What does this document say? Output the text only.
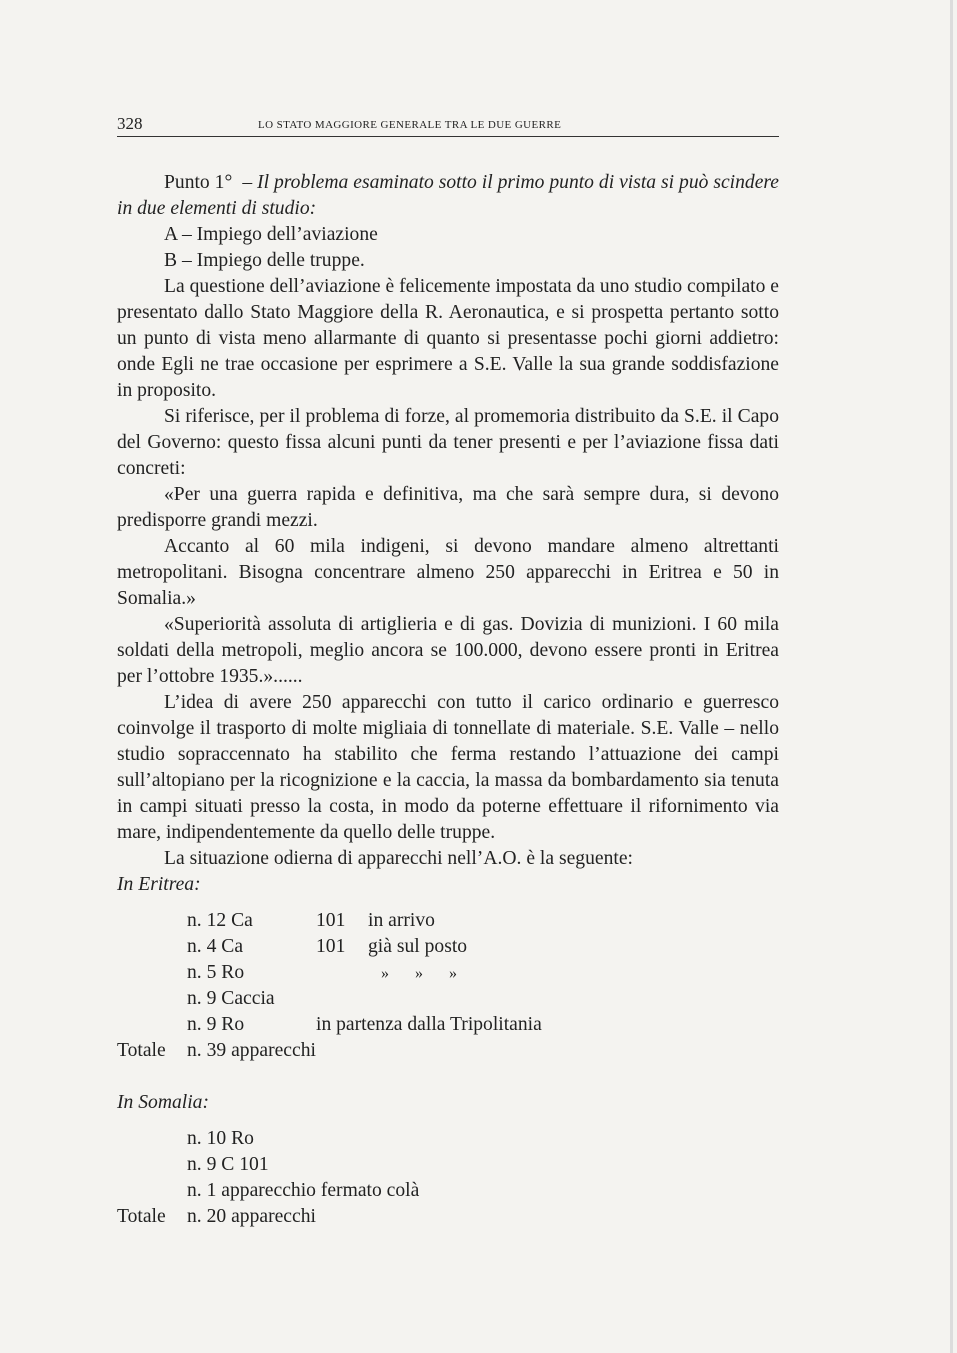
328	LO STATO MAGGIORE GENERALE TRA LE DUE GUERRE

Punto 1° – Il problema esaminato sotto il primo punto di vista si può scindere in due elementi di studio:

A – Impiego dell’aviazione

B – Impiego delle truppe.

La questione dell’aviazione è felicemente impostata da uno studio compilato e presentato dallo Stato Maggiore della R. Aeronautica, e si prospetta pertanto sotto un punto di vista meno allarmante di quanto si presentasse pochi giorni addietro: onde Egli ne trae occasione per esprimere a S.E. Valle la sua grande soddisfazione in proposito.

Si riferisce, per il problema di forze, al promemoria distribuito da S.E. il Capo del Governo: questo fissa alcuni punti da tener presenti e per l’aviazione fissa dati concreti:

«Per una guerra rapida e definitiva, ma che sarà sempre dura, si devono predisporre grandi mezzi.

Accanto al 60 mila indigeni, si devono mandare almeno altrettanti metropolitani. Bisogna concentrare almeno 250 apparecchi in Eritrea e 50 in Somalia.»

«Superiorità assoluta di artiglieria e di gas. Dovizia di munizioni. I 60 mila soldati della metropoli, meglio ancora se 100.000, devono essere pronti in Eritrea per l’ottobre 1935.»......

L’idea di avere 250 apparecchi con tutto il carico ordinario e guerresco coinvolge il trasporto di molte migliaia di tonnellate di materiale. S.E. Valle – nello studio sopraccennato ha stabilito che ferma restando l’attuazione dei campi sull’altopiano per la ricognizione e la caccia, la massa da bombardamento sia tenuta in campi situati presso la costa, in modo da poterne effettuare il rifornimento via mare, indipendentemente da quello delle truppe.

La situazione odierna di apparecchi nell’A.O. è la seguente:

In Eritrea:

n. 12 Ca	101	in arrivo
n. 4 Ca	101	già sul posto
n. 5 Ro	» » »
n. 9 Caccia
n. 9 Ro	in partenza dalla Tripolitania
Totale	n. 39 apparecchi

In Somalia:

n. 10 Ro
n. 9 C 101
n. 1 apparecchio fermato colà
Totale	n. 20 apparecchi
